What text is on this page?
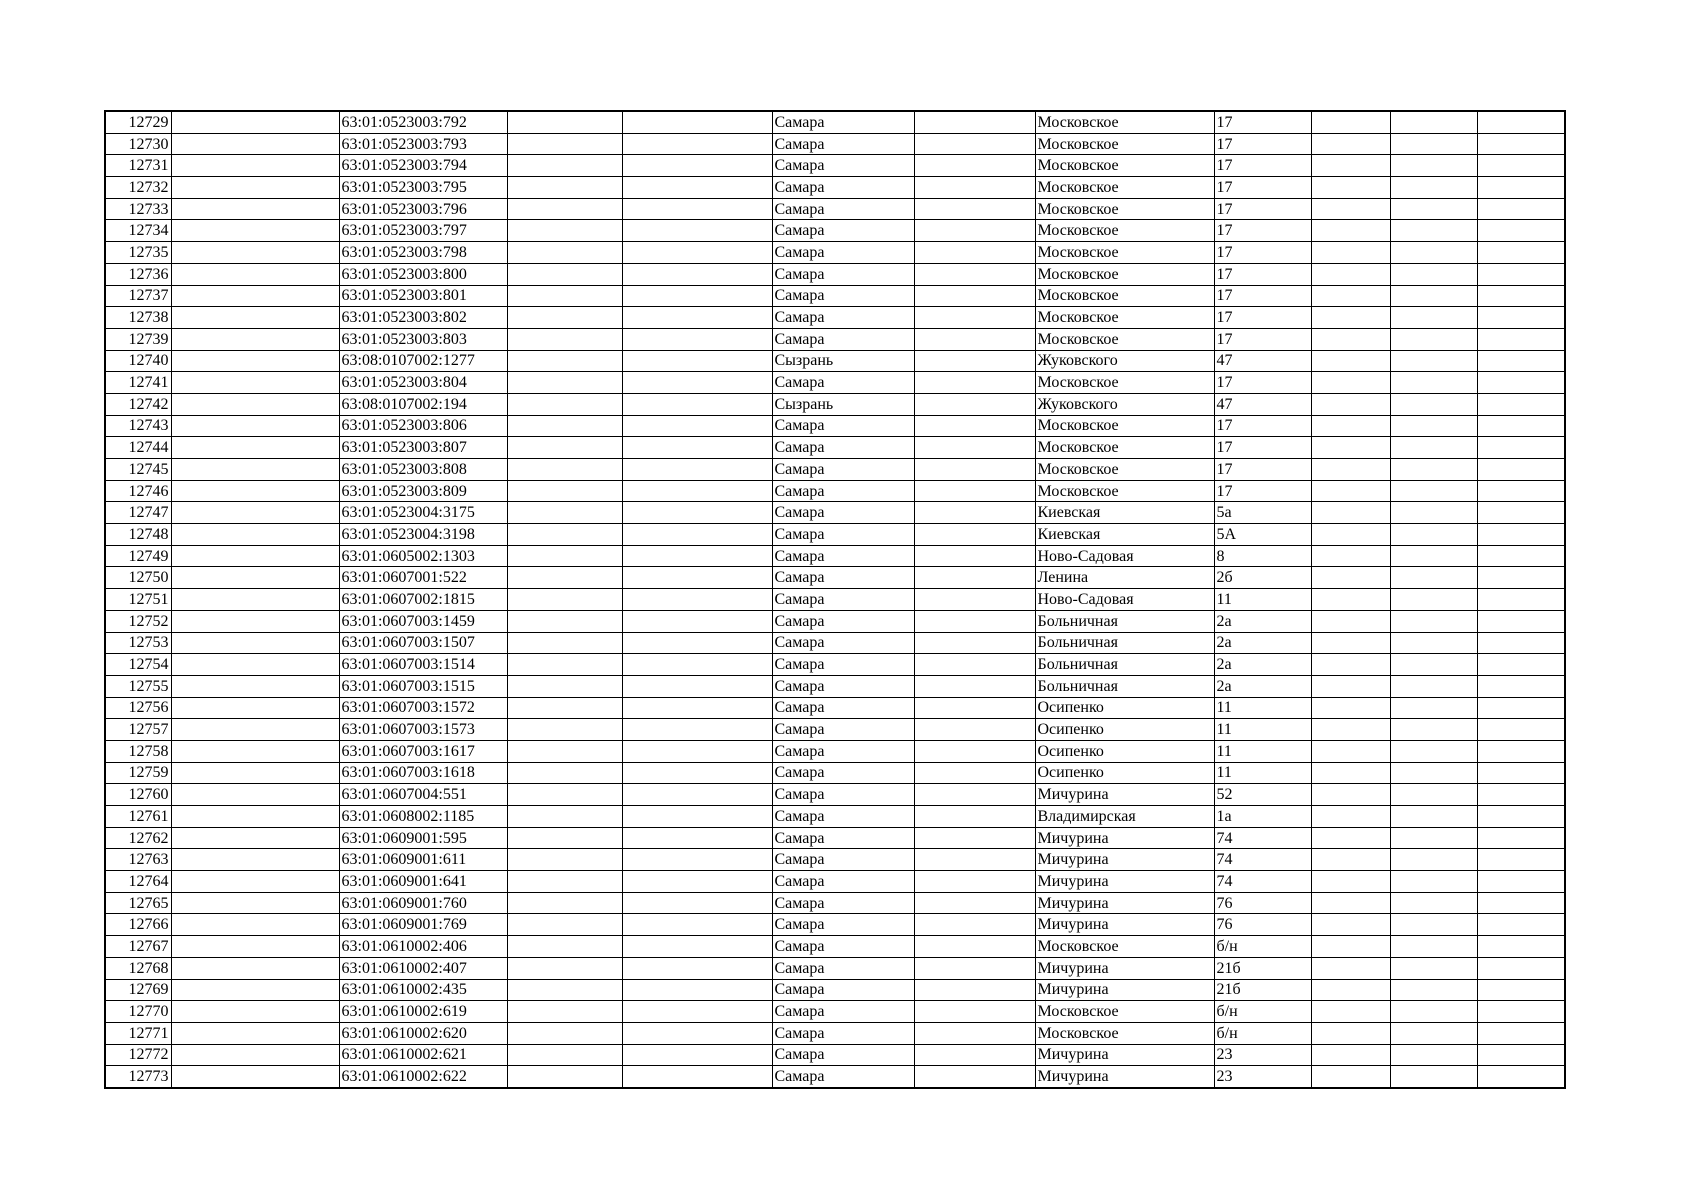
12729		63:01:0523003:792			Самара		Московское	17			
12730		63:01:0523003:793			Самара		Московское	17			
12731		63:01:0523003:794			Самара		Московское	17			
12732		63:01:0523003:795			Самара		Московское	17			
12733		63:01:0523003:796			Самара		Московское	17			
12734		63:01:0523003:797			Самара		Московское	17			
12735		63:01:0523003:798			Самара		Московское	17			
12736		63:01:0523003:800			Самара		Московское	17			
12737		63:01:0523003:801			Самара		Московское	17			
12738		63:01:0523003:802			Самара		Московское	17			
12739		63:01:0523003:803			Самара		Московское	17			
12740		63:08:0107002:1277			Сызрань		Жуковского	47			
12741		63:01:0523003:804			Самара		Московское	17			
12742		63:08:0107002:194			Сызрань		Жуковского	47			
12743		63:01:0523003:806			Самара		Московское	17			
12744		63:01:0523003:807			Самара		Московское	17			
12745		63:01:0523003:808			Самара		Московское	17			
12746		63:01:0523003:809			Самара		Московское	17			
12747		63:01:0523004:3175			Самара		Киевская	5а			
12748		63:01:0523004:3198			Самара		Киевская	5А			
12749		63:01:0605002:1303			Самара		Ново-Садовая	8			
12750		63:01:0607001:522			Самара		Ленина	2б			
12751		63:01:0607002:1815			Самара		Ново-Садовая	11			
12752		63:01:0607003:1459			Самара		Больничная	2а			
12753		63:01:0607003:1507			Самара		Больничная	2а			
12754		63:01:0607003:1514			Самара		Больничная	2а			
12755		63:01:0607003:1515			Самара		Больничная	2а			
12756		63:01:0607003:1572			Самара		Осипенко	11			
12757		63:01:0607003:1573			Самара		Осипенко	11			
12758		63:01:0607003:1617			Самара		Осипенко	11			
12759		63:01:0607003:1618			Самара		Осипенко	11			
12760		63:01:0607004:551			Самара		Мичурина	52			
12761		63:01:0608002:1185			Самара		Владимирская	1а			
12762		63:01:0609001:595			Самара		Мичурина	74			
12763		63:01:0609001:611			Самара		Мичурина	74			
12764		63:01:0609001:641			Самара		Мичурина	74			
12765		63:01:0609001:760			Самара		Мичурина	76			
12766		63:01:0609001:769			Самара		Мичурина	76			
12767		63:01:0610002:406			Самара		Московское	б/н			
12768		63:01:0610002:407			Самара		Мичурина	21б			
12769		63:01:0610002:435			Самара		Мичурина	21б			
12770		63:01:0610002:619			Самара		Московское	б/н			
12771		63:01:0610002:620			Самара		Московское	б/н			
12772		63:01:0610002:621			Самара		Мичурина	23			
12773		63:01:0610002:622			Самара		Мичурина	23			
